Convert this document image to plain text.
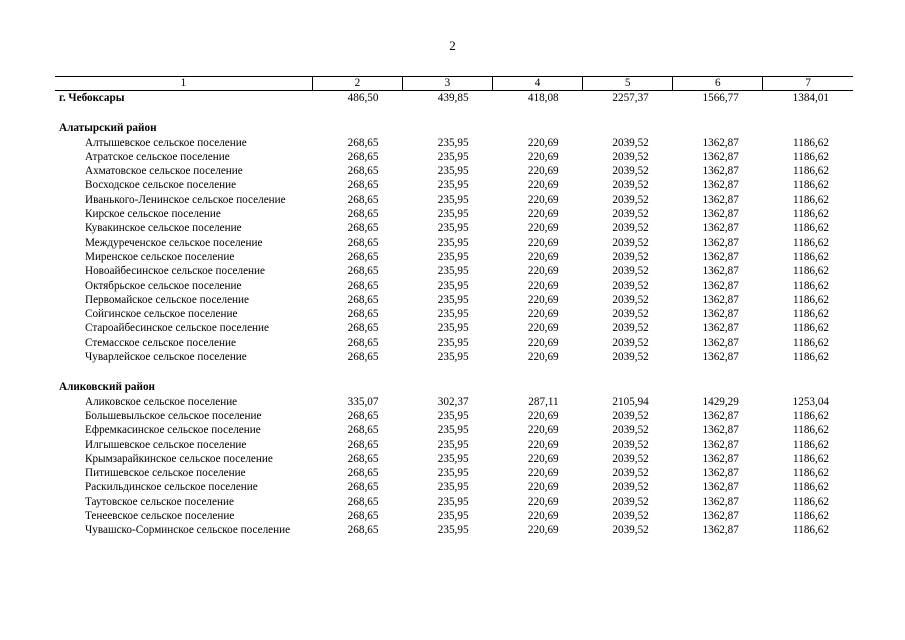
2
1	2	3	4	5	6	7
г. Чебоксары	486,50	439,85	418,08	2257,37	1566,77	1384,01

Алатырский район						
Алтышевское сельское поселение	268,65	235,95	220,69	2039,52	1362,87	1186,62
Атратское сельское поселение	268,65	235,95	220,69	2039,52	1362,87	1186,62
Ахматовское сельское поселение	268,65	235,95	220,69	2039,52	1362,87	1186,62
Восходское сельское поселение	268,65	235,95	220,69	2039,52	1362,87	1186,62
Иванького-Ленинское сельское поселение	268,65	235,95	220,69	2039,52	1362,87	1186,62
Кирское сельское поселение	268,65	235,95	220,69	2039,52	1362,87	1186,62
Кувакинское сельское поселение	268,65	235,95	220,69	2039,52	1362,87	1186,62
Междуреченское сельское поселение	268,65	235,95	220,69	2039,52	1362,87	1186,62
Миренское сельское поселение	268,65	235,95	220,69	2039,52	1362,87	1186,62
Новоайбесинское сельское поселение	268,65	235,95	220,69	2039,52	1362,87	1186,62
Октябрьское сельское поселение	268,65	235,95	220,69	2039,52	1362,87	1186,62
Первомайское сельское поселение	268,65	235,95	220,69	2039,52	1362,87	1186,62
Сойгинское сельское поселение	268,65	235,95	220,69	2039,52	1362,87	1186,62
Староайбесинское сельское поселение	268,65	235,95	220,69	2039,52	1362,87	1186,62
Стемасское сельское поселение	268,65	235,95	220,69	2039,52	1362,87	1186,62
Чуварлейское сельское поселение	268,65	235,95	220,69	2039,52	1362,87	1186,62

Аликовский район						
Аликовское сельское поселение	335,07	302,37	287,11	2105,94	1429,29	1253,04
Большевыльское сельское поселение	268,65	235,95	220,69	2039,52	1362,87	1186,62
Ефремкасинское сельское поселение	268,65	235,95	220,69	2039,52	1362,87	1186,62
Илгышевское сельское поселение	268,65	235,95	220,69	2039,52	1362,87	1186,62
Крымзарайкинское сельское поселение	268,65	235,95	220,69	2039,52	1362,87	1186,62
Питишевское сельское поселение	268,65	235,95	220,69	2039,52	1362,87	1186,62
Раскильдинское сельское поселение	268,65	235,95	220,69	2039,52	1362,87	1186,62
Таутовское сельское поселение	268,65	235,95	220,69	2039,52	1362,87	1186,62
Тенеевское сельское поселение	268,65	235,95	220,69	2039,52	1362,87	1186,62
Чувашско-Сорминское сельское поселение	268,65	235,95	220,69	2039,52	1362,87	1186,62
